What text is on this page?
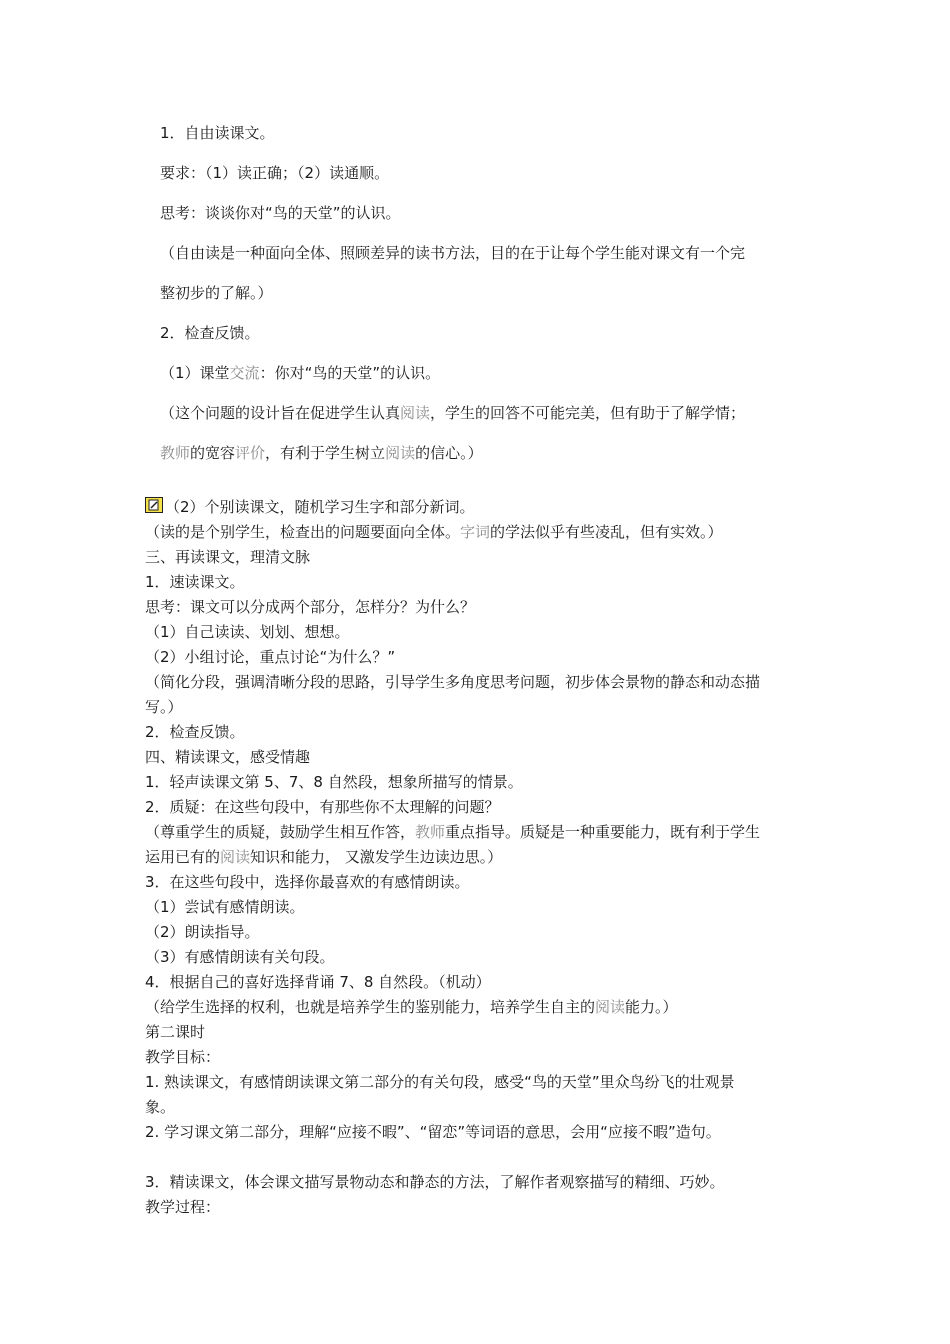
1．自由读课文。
要求：（1）读正确；（2）读通顺。
思考：谈谈你对“鸟的天堂”的认识。
（自由读是一种面向全体、照顾差异的读书方法，目的在于让每个学生能对课文有一个完
整初步的了解。）
2．检查反馈。
（1）课堂交流：你对“鸟的天堂”的认识。
（这个问题的设计旨在促进学生认真阅读，学生的回答不可能完美，但有助于了解学情；
教师的宽容评价，有利于学生树立阅读的信心。）
（2）个别读课文，随机学习生字和部分新词。
（读的是个别学生，检查出的问题要面向全体。字词的学法似乎有些凌乱，但有实效。）
三、再读课文，理清文脉
1．速读课文。
思考：课文可以分成两个部分，怎样分？为什么？
（1）自己读读、划划、想想。
（2）小组讨论，重点讨论“为什么？”
（简化分段，强调清晰分段的思路，引导学生多角度思考问题，初步体会景物的静态和动态描
写。）
2．检查反馈。
四、精读课文，感受情趣
1．轻声读课文第 5、7、8 自然段，想象所描写的情景。
2．质疑：在这些句段中，有那些你不太理解的问题？
（尊重学生的质疑，鼓励学生相互作答，教师重点指导。质疑是一种重要能力，既有利于学生
运用已有的阅读知识和能力， 又激发学生边读边思。）
3．在这些句段中，选择你最喜欢的有感情朗读。
（1）尝试有感情朗读。
（2）朗读指导。
（3）有感情朗读有关句段。
4．根据自己的喜好选择背诵 7、8 自然段。（机动）
（给学生选择的权利，也就是培养学生的鉴别能力，培养学生自主的阅读能力。）
第二课时
教学目标：
1. 熟读课文，有感情朗读课文第二部分的有关句段，感受“鸟的天堂”里众鸟纷飞的壮观景
象。
2. 学习课文第二部分，理解“应接不暇”、“留恋”等词语的意思，会用“应接不暇”造句。
3．精读课文，体会课文描写景物动态和静态的方法，了解作者观察描写的精细、巧妙。
教学过程：
